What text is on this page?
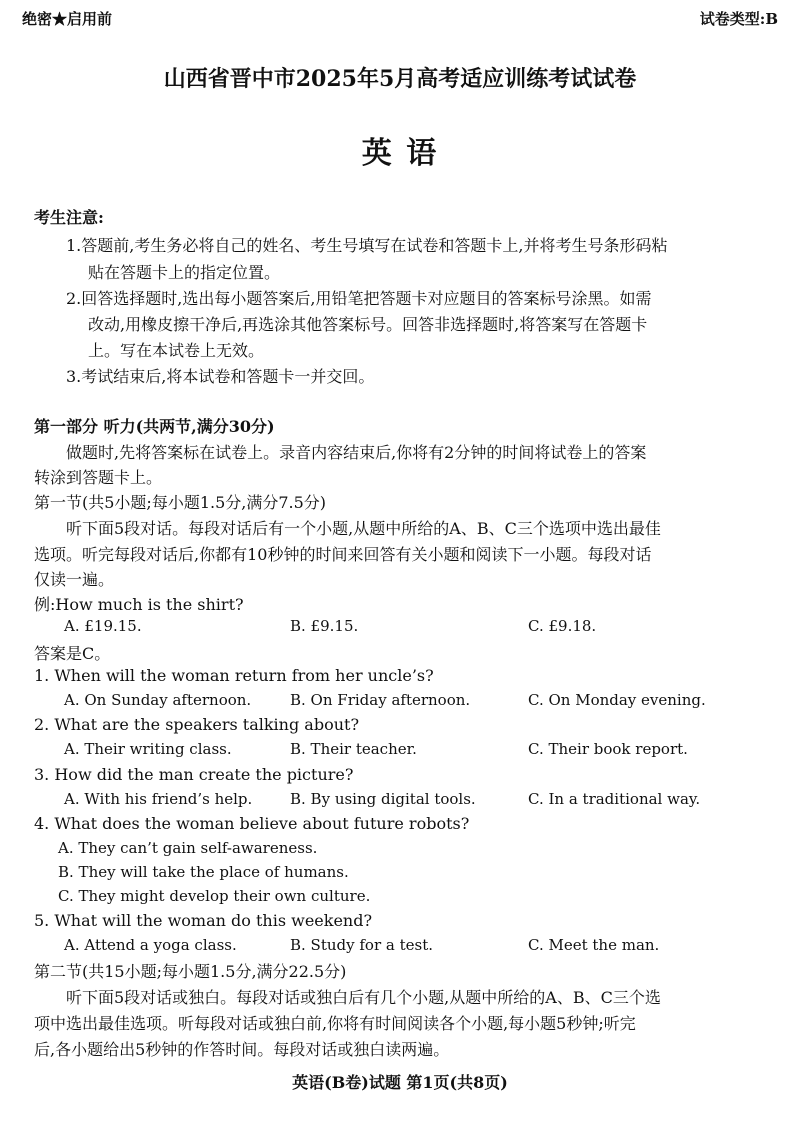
绝密★启用前	试卷类型:B
山西省晋中市2025年5月高考适应训练考试试卷
英 语
考生注意:
1.答题前,考生务必将自己的姓名、考生号填写在试卷和答题卡上,并将考生号条形码粘
贴在答题卡上的指定位置。
2.回答选择题时,选出每小题答案后,用铅笔把答题卡对应题目的答案标号涂黑。如需
改动,用橡皮擦干净后,再选涂其他答案标号。回答非选择题时,将答案写在答题卡
上。写在本试卷上无效。
3.考试结束后,将本试卷和答题卡一并交回。
第一部分 听力(共两节,满分30分)
做题时,先将答案标在试卷上。录音内容结束后,你将有2分钟的时间将试卷上的答案
转涂到答题卡上。
第一节(共5小题;每小题1.5分,满分7.5分)
听下面5段对话。每段对话后有一个小题,从题中所给的A、B、C三个选项中选出最佳
选项。听完每段对话后,你都有10秒钟的时间来回答有关小题和阅读下一小题。每段对话
仅读一遍。
例:How much is the shirt?
A. £19.15.	B. £9.15.	C. £9.18.
答案是C。
1. When will the woman return from her uncle’s?
A. On Sunday afternoon.	B. On Friday afternoon.	C. On Monday evening.
2. What are the speakers talking about?
A. Their writing class.	B. Their teacher.	C. Their book report.
3. How did the man create the picture?
A. With his friend’s help.	B. By using digital tools.	C. In a traditional way.
4. What does the woman believe about future robots?
A. They can’t gain self-awareness.
B. They will take the place of humans.
C. They might develop their own culture.
5. What will the woman do this weekend?
A. Attend a yoga class.	B. Study for a test.	C. Meet the man.
第二节(共15小题;每小题1.5分,满分22.5分)
听下面5段对话或独白。每段对话或独白后有几个小题,从题中所给的A、B、C三个选
项中选出最佳选项。听每段对话或独白前,你将有时间阅读各个小题,每小题5秒钟;听完
后,各小题给出5秒钟的作答时间。每段对话或独白读两遍。
英语(B卷)试题 第1页(共8页)
